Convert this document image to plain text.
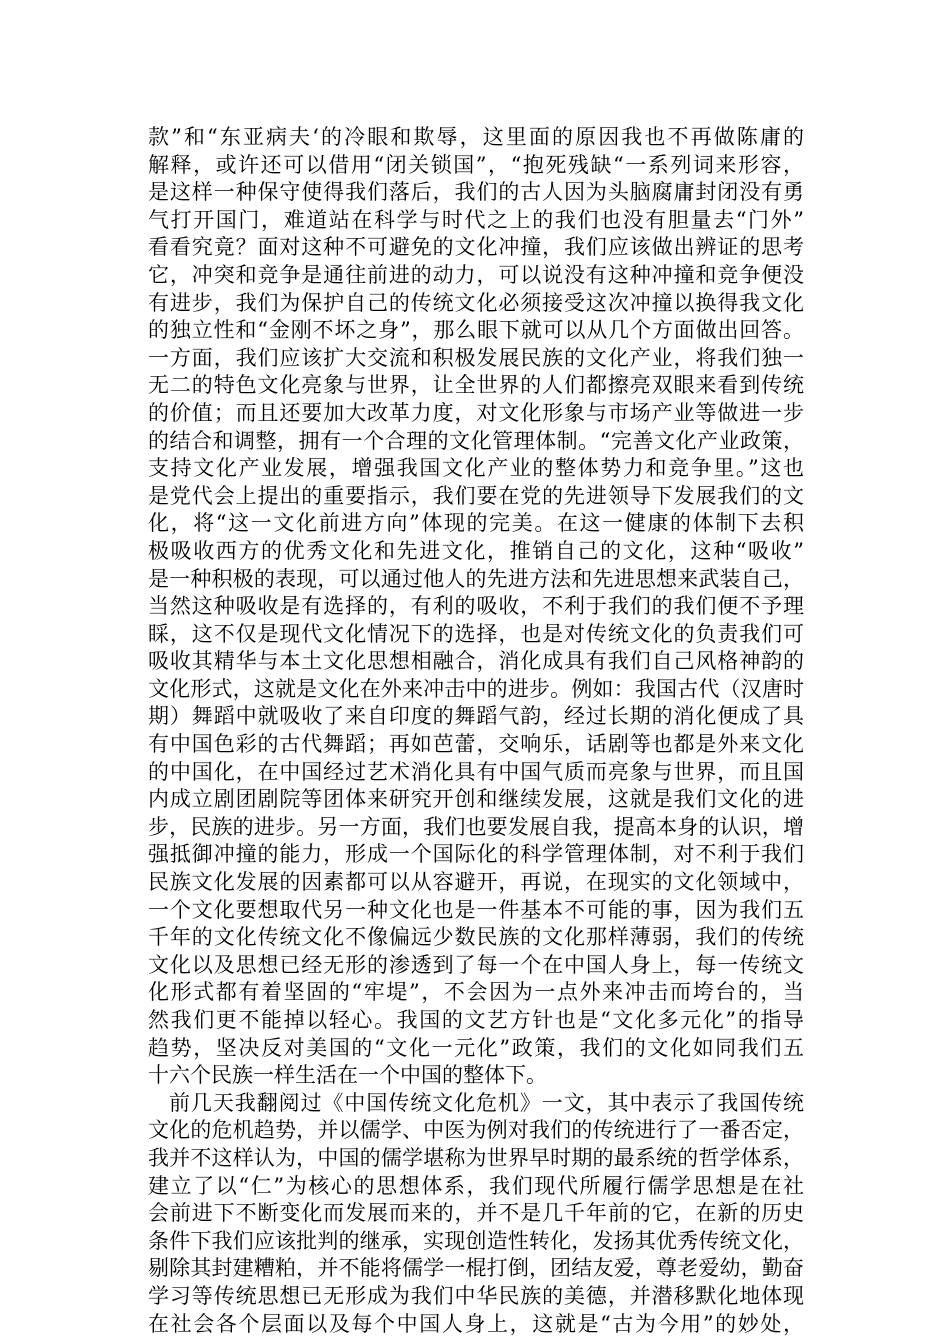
款”和“东亚病夫‘的冷眼和欺辱，这里面的原因我也不再做陈庸的
解释，或许还可以借用“闭关锁国”，“抱死残缺“一系列词来形容，
是这样一种保守使得我们落后，我们的古人因为头脑腐庸封闭没有勇
气打开国门，难道站在科学与时代之上的我们也没有胆量去“门外”
看看究竟？面对这种不可避免的文化冲撞，我们应该做出辨证的思考
它，冲突和竞争是通往前进的动力，可以说没有这种冲撞和竞争便没
有进步，我们为保护自己的传统文化必须接受这次冲撞以换得我文化
的独立性和“金刚不坏之身”，那么眼下就可以从几个方面做出回答。
一方面，我们应该扩大交流和积极发展民族的文化产业，将我们独一
无二的特色文化亮象与世界，让全世界的人们都擦亮双眼来看到传统
的价值；而且还要加大改革力度，对文化形象与市场产业等做进一步
的结合和调整，拥有一个合理的文化管理体制。“完善文化产业政策，
支持文化产业发展，增强我国文化产业的整体势力和竞争里。”这也
是党代会上提出的重要指示，我们要在党的先进领导下发展我们的文
化，将“这一文化前进方向”体现的完美。在这一健康的体制下去积
极吸收西方的优秀文化和先进文化，推销自己的文化，这种“吸收”
是一种积极的表现，可以通过他人的先进方法和先进思想来武装自己，
当然这种吸收是有选择的，有利的吸收，不利于我们的我们便不予理
睬，这不仅是现代文化情况下的选择，也是对传统文化的负责我们可
吸收其精华与本土文化思想相融合，消化成具有我们自己风格神韵的
文化形式，这就是文化在外来冲击中的进步。例如：我国古代（汉唐时
期）舞蹈中就吸收了来自印度的舞蹈气韵，经过长期的消化便成了具
有中国色彩的古代舞蹈；再如芭蕾，交响乐，话剧等也都是外来文化
的中国化，在中国经过艺术消化具有中国气质而亮象与世界，而且国
内成立剧团剧院等团体来研究开创和继续发展，这就是我们文化的进
步，民族的进步。另一方面，我们也要发展自我，提高本身的认识，增
强抵御冲撞的能力，形成一个国际化的科学管理体制，对不利于我们
民族文化发展的因素都可以从容避开，再说，在现实的文化领域中，
一个文化要想取代另一种文化也是一件基本不可能的事，因为我们五
千年的文化传统文化不像偏远少数民族的文化那样薄弱，我们的传统
文化以及思想已经无形的渗透到了每一个在中国人身上，每一传统文
化形式都有着坚固的“牢堤”，不会因为一点外来冲击而垮台的，当
然我们更不能掉以轻心。我国的文艺方针也是“文化多元化”的指导
趋势，坚决反对美国的“文化一元化”政策，我们的文化如同我们五
十六个民族一样生活在一个中国的整体下。
前几天我翻阅过《中国传统文化危机》一文，其中表示了我国传统
文化的危机趋势，并以儒学、中医为例对我们的传统进行了一番否定，
我并不这样认为，中国的儒学堪称为世界早时期的最系统的哲学体系，
建立了以“仁”为核心的思想体系，我们现代所履行儒学思想是在社
会前进下不断变化而发展而来的，并不是几千年前的它，在新的历史
条件下我们应该批判的继承，实现创造性转化，发扬其优秀传统文化，
剔除其封建糟粕，并不能将儒学一棍打倒，团结友爱，尊老爱幼，勤奋
学习等传统思想已无形成为我们中华民族的美德，并潜移默化地体现
在社会各个层面以及每个中国人身上，这就是“古为今用”的妙处，
